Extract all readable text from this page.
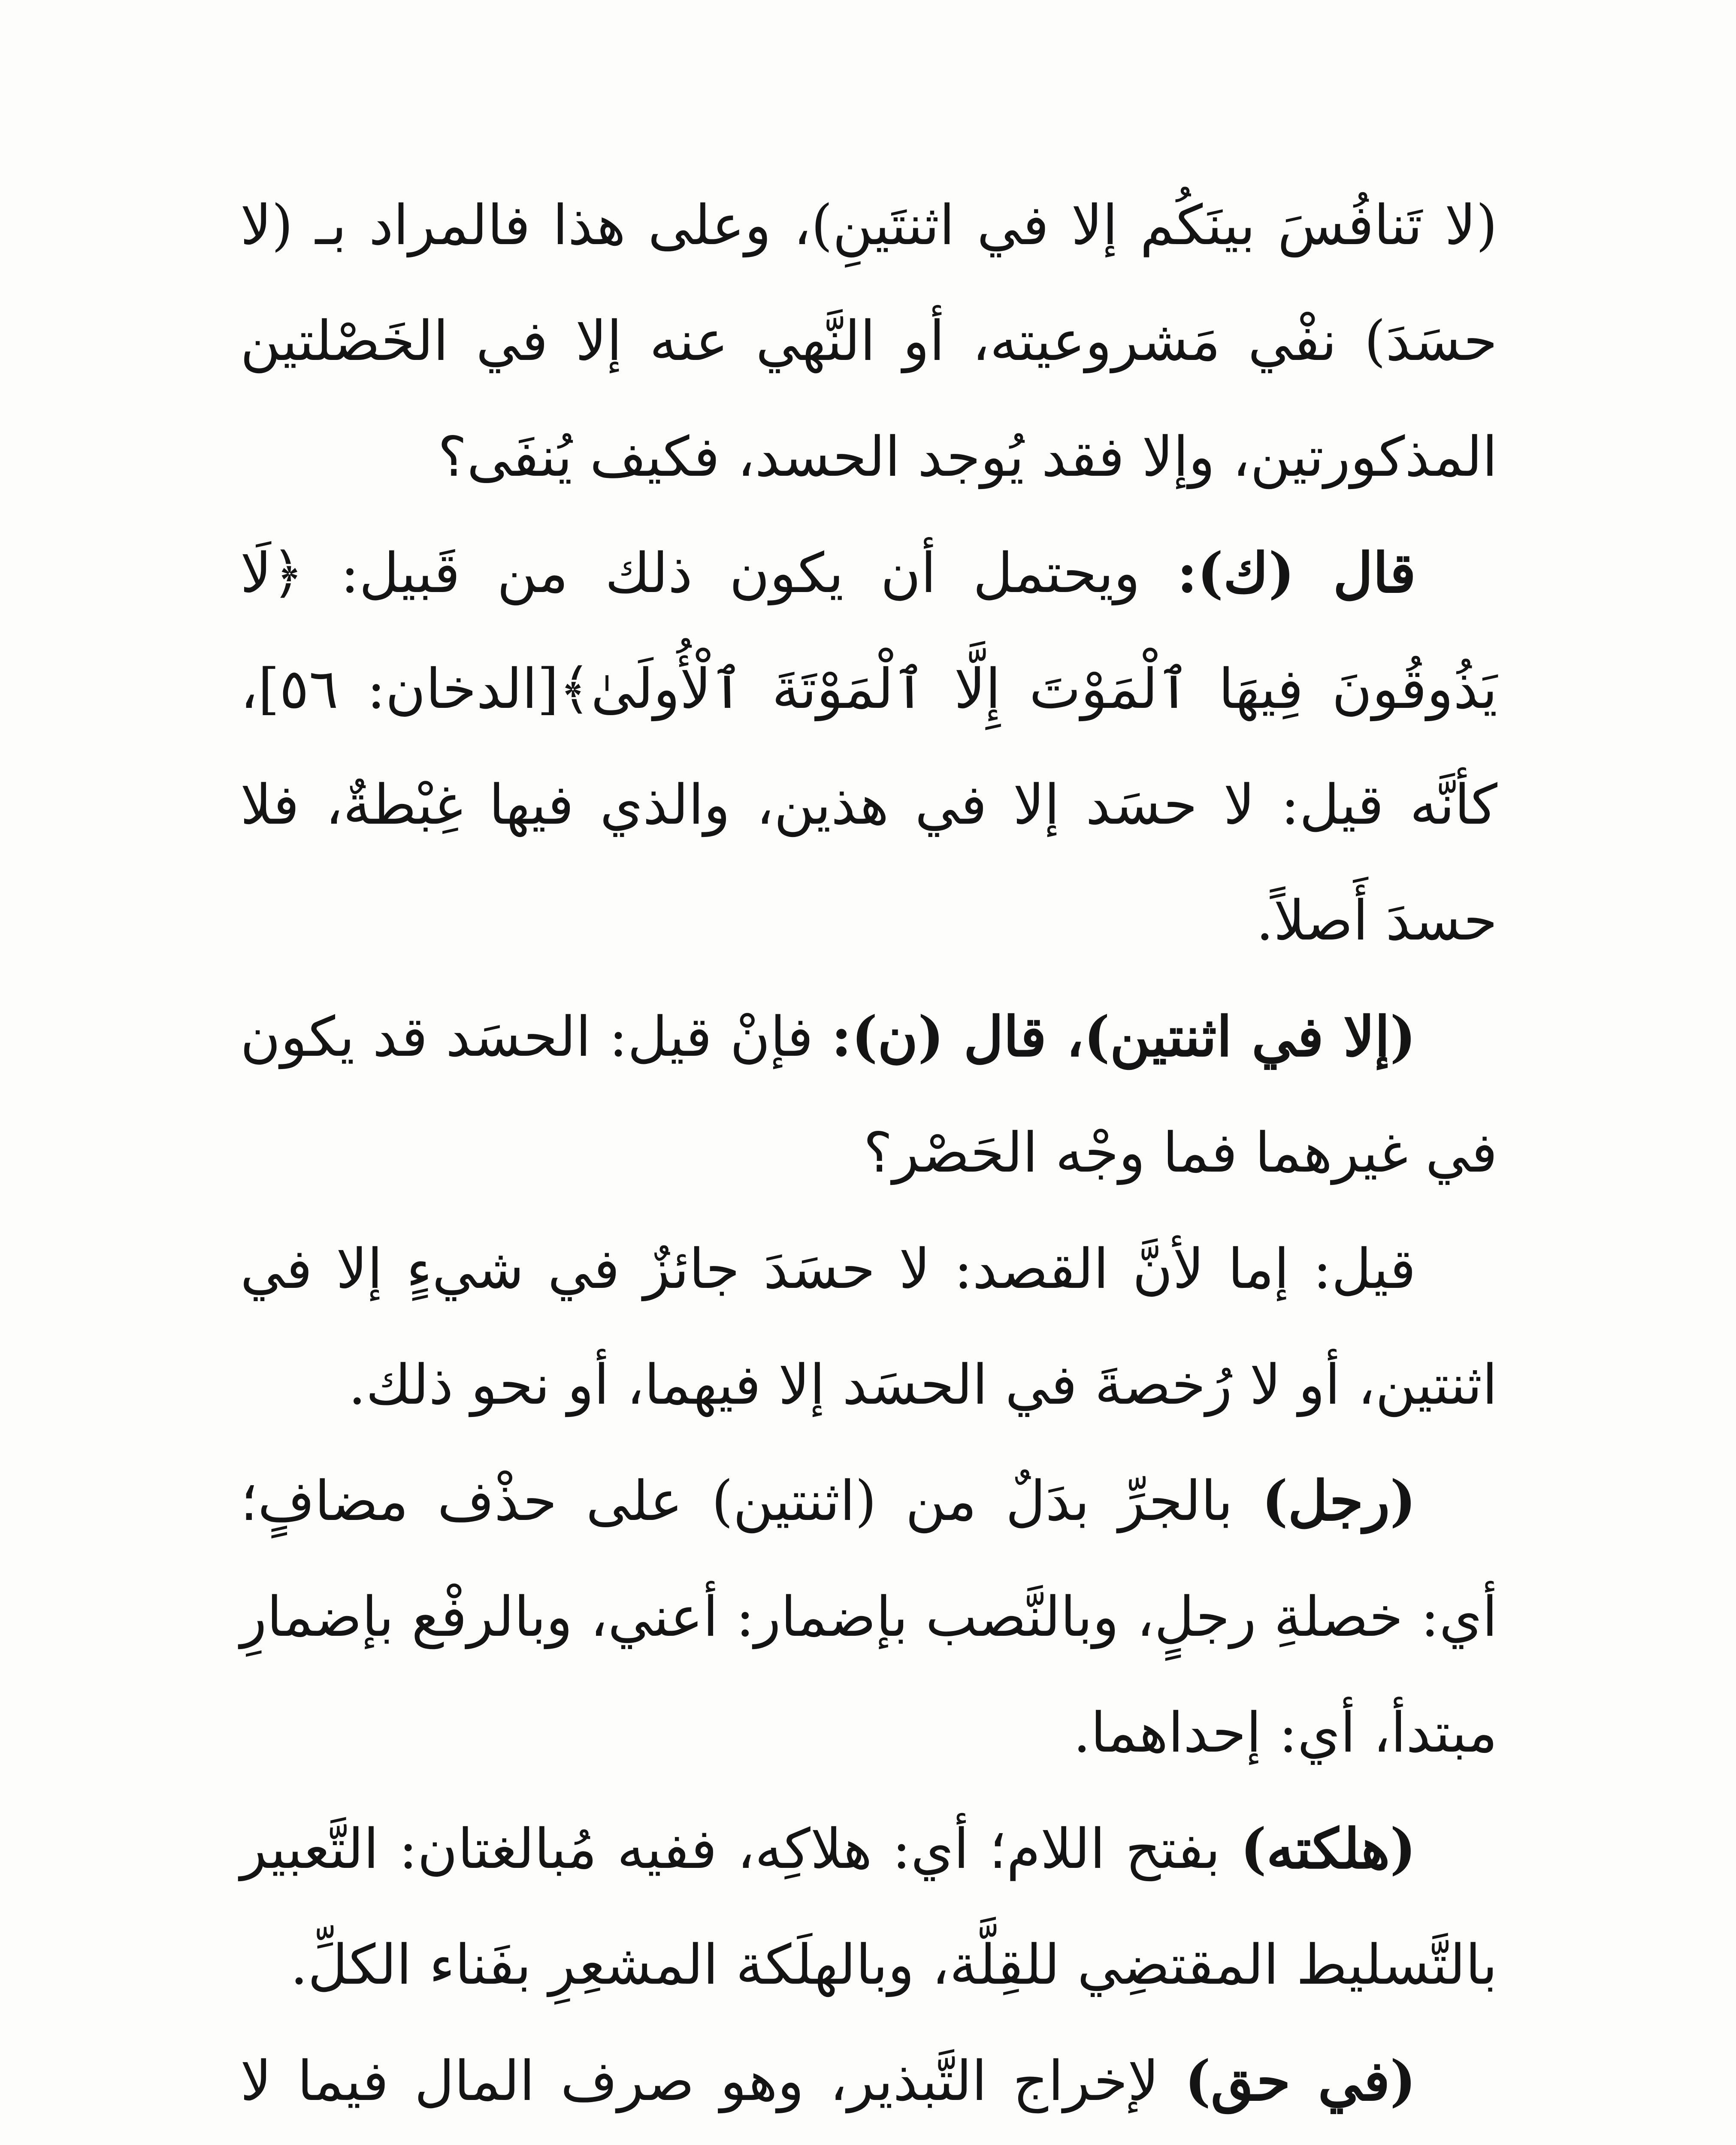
(لا تَنافُسَ بينَكُم إلا في اثنتَينِ)، وعلى هذا فالمراد بـ (لا حسَدَ) نفْي مَشروعيته، أو النَّهي عنه إلا في الخَصْلتين المذكورتين، وإلا فقد يُوجد الحسد، فكيف يُنفَى؟

قال (ك): ويحتمل أن يكون ذلك من قَبيل: ﴿لَا يَذُوقُونَ فِيهَا ٱلْمَوْتَ إِلَّا ٱلْمَوْتَةَ ٱلْأُولَىٰ﴾[الدخان: ٥٦]، كأنَّه قيل: لا حسَد إلا في هذين، والذي فيها غِبْطةٌ، فلا حسدَ أَصلاً.

(إلا في اثنتين)، قال (ن): فإنْ قيل: الحسَد قد يكون في غيرهما فما وجْه الحَصْر؟

قيل: إما لأنَّ القصد: لا حسَدَ جائزٌ في شيءٍ إلا في اثنتين، أو لا رُخصةَ في الحسَد إلا فيهما، أو نحو ذلك.

(رجل) بالجرِّ بدَلٌ من (اثنتين) على حذْف مضافٍ؛ أي: خصلةِ رجلٍ، وبالنَّصب بإضمار: أعني، وبالرفْع بإضمارِ مبتدأ، أي: إحداهما.

(هلكته) بفتح اللام؛ أي: هلاكِه، ففيه مُبالغتان: التَّعبير بالتَّسليط المقتضِي للقِلَّة، وبالهلَكة المشعِرِ بفَناء الكلِّ.

(في حق) لإخراج التَّبذير، وهو صرف المال فيما لا
